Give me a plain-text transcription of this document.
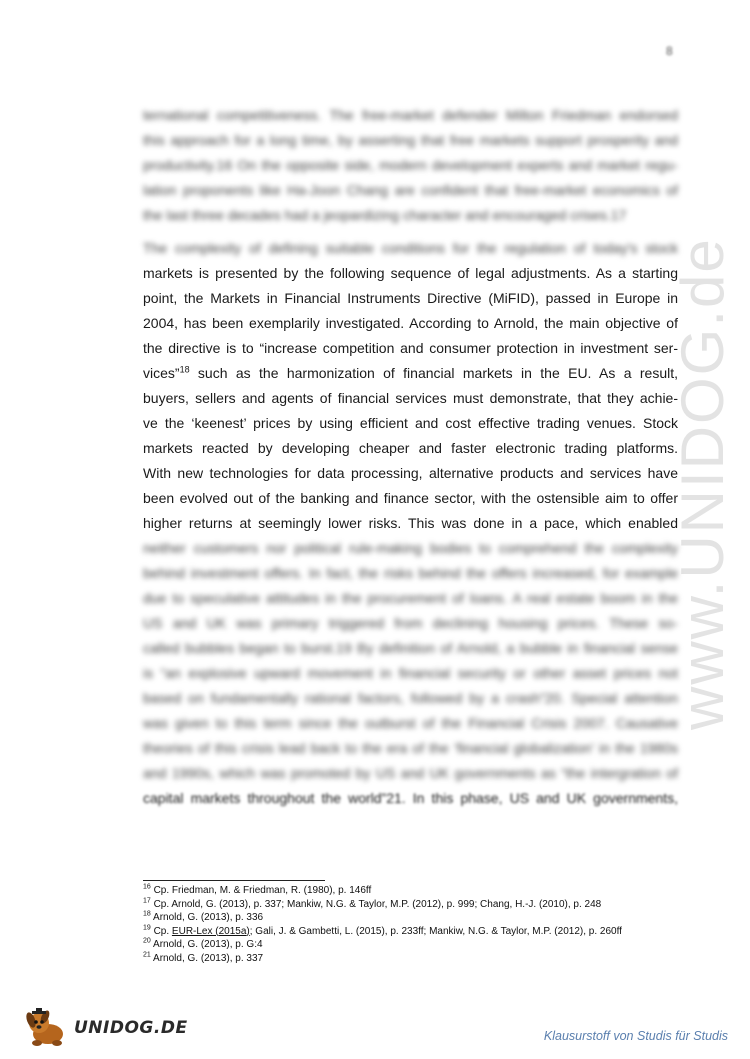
8
www.UNIDOG.de
ternational competitiveness. The free-market defender Milton Friedman endorsed
this approach for a long time, by asserting that free markets support prosperity and
productivity.16 On the opposite side, modern development experts and market regu-
lation proponents like Ha-Joon Chang are confident that free-market economics of
the last three decades had a jeopardizing character and encouraged crises.17
The complexity of defining suitable conditions for the regulation of today's stock
markets is presented by the following sequence of legal adjustments. As a starting
point, the Markets in Financial Instruments Directive (MiFID), passed in Europe in
2004, has been exemplarily investigated. According to Arnold, the main objective of
the directive is to “increase competition and consumer protection in investment ser-
vices”$^{18}$ such as the harmonization of financial markets in the EU. As a result,
buyers, sellers and agents of financial services must demonstrate, that they achie-
ve the ‘keenest’ prices by using efficient and cost effective trading venues. Stock
markets reacted by developing cheaper and faster electronic trading platforms.
With new technologies for data processing, alternative products and services have
been evolved out of the banking and finance sector, with the ostensible aim to offer
higher returns at seemingly lower risks. This was done in a pace, which enabled
neither customers nor political rule-making bodies to comprehend the complexity
behind investment offers. In fact, the risks behind the offers increased, for example
due to speculative attitudes in the procurement of loans. A real estate boom in the
US and UK was primary triggered from declining housing prices. These so-
called bubbles began to burst.19 By definition of Arnold, a bubble in financial sense
is “an explosive upward movement in financial security or other asset prices not
based on fundamentally rational factors, followed by a crash”20. Special attention
was given to this term since the outburst of the Financial Crisis 2007. Causative
theories of this crisis lead back to the era of the ‘financial globalization’ in the 1980s
and 1990s, which was promoted by US and UK governments as “the intergration of
capital markets throughout the world”21. In this phase, US and UK governments,
$^{16}$ Cp. Friedman, M. & Friedman, R. (1980), p. 146ff
$^{17}$ Cp. Arnold, G. (2013), p. 337; Mankiw, N.G. & Taylor, M.P. (2012), p. 999; Chang, H.-J. (2010), p. 248
$^{18}$ Arnold, G. (2013), p. 336
$^{19}$ Cp. EUR-Lex (2015a); Gali, J. & Gambetti, L. (2015), p. 233ff; Mankiw, N.G. & Taylor, M.P. (2012), p. 260ff
$^{20}$ Arnold, G. (2013), p. G:4
$^{21}$ Arnold, G. (2013), p. 337
UNIDOG.DE	Klausurstoff von Studis für Studis
